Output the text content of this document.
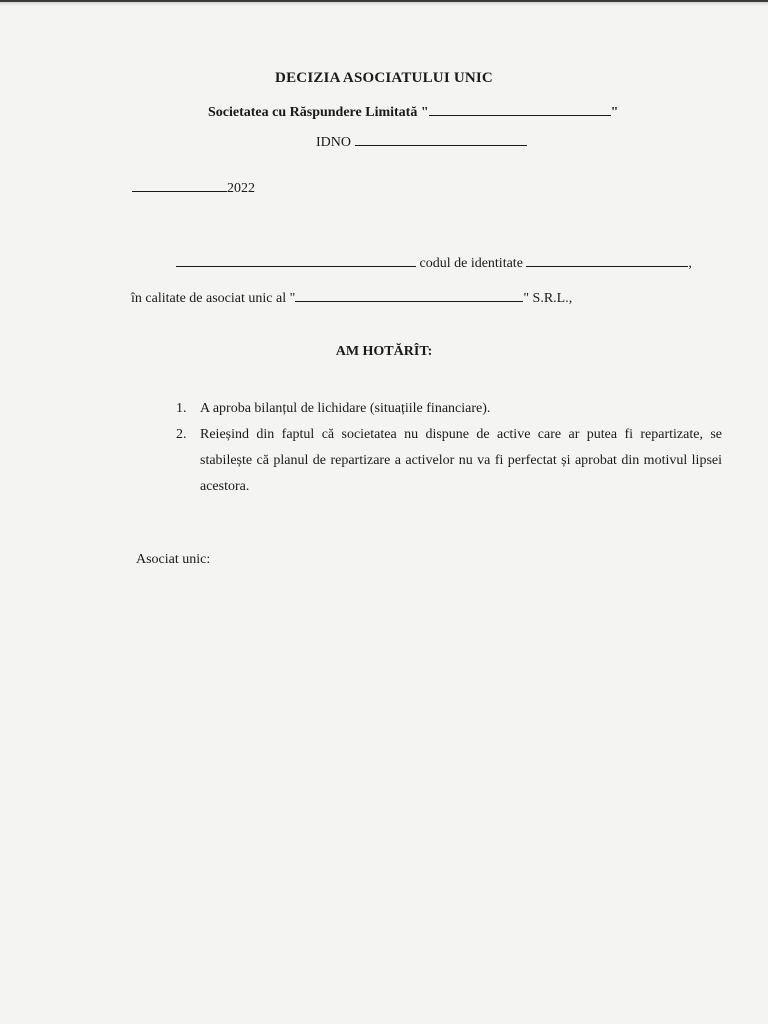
DECIZIA ASOCIATULUI UNIC
Societatea cu Răspundere Limitată "	"
IDNO
2022
codul de identitate	,
în calitate de asociat unic al "	" S.R.L.,
AM HOTĂRÎT:
1. A aproba bilanțul de lichidare (situațiile financiare).
2. Reieșind din faptul că societatea nu dispune de active care ar putea fi repartizate, se stabilește că planul de repartizare a activelor nu va fi perfectat și aprobat din motivul lipsei acestora.
Asociat unic:
